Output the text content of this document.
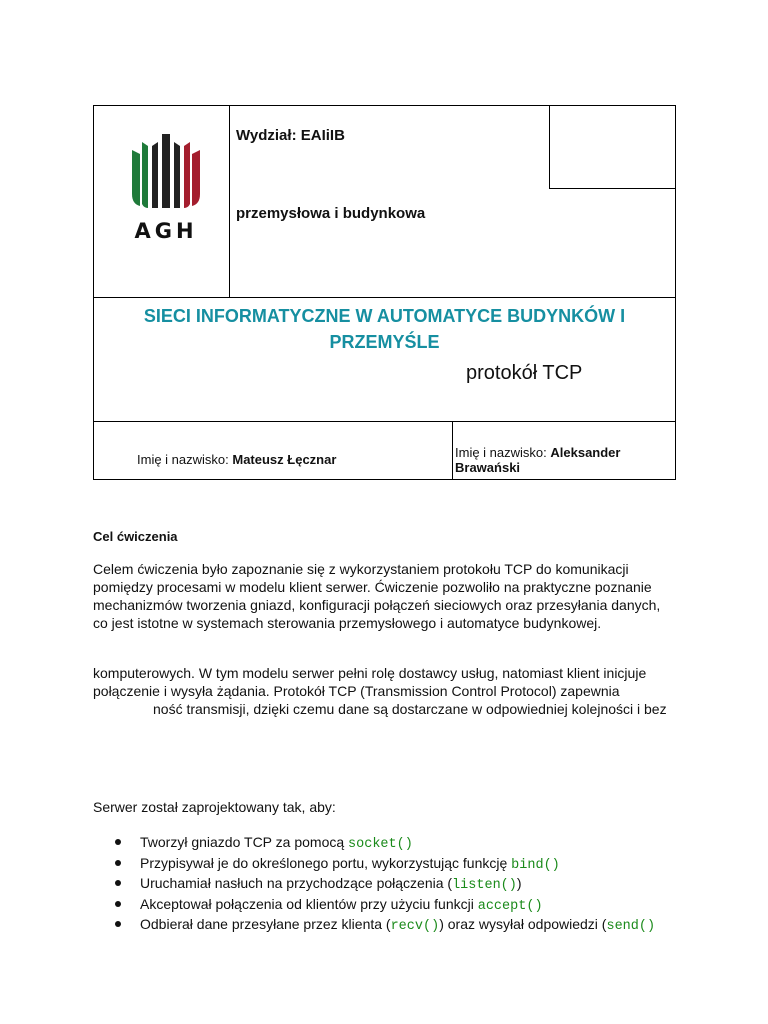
AGH	Wydział: EAIiIB
przemysłowa i budynkowa	

SIECI INFORMATYCZNE W AUTOMATYCE BUDYNKÓW I
PRZEMYŚLE
protokół TCP		

Imię i nazwisko: Mateusz Łęcznar		Imię i nazwisko: Aleksander Brawański
Cel ćwiczenia
Celem ćwiczenia było zapoznanie się z wykorzystaniem protokołu TCP do komunikacji
pomiędzy procesami w modelu klient serwer. Ćwiczenie pozwoliło na praktyczne poznanie
mechanizmów tworzenia gniazd, konfiguracji połączeń sieciowych oraz przesyłania danych,
co jest istotne w systemach sterowania przemysłowego i automatyce budynkowej.
komputerowych. W tym modelu serwer pełni rolę dostawcy usług, natomiast klient inicjuje
połączenie i wysyła żądania. Protokół TCP (Transmission Control Protocol) zapewnia
ność transmisji, dzięki czemu dane są dostarczane w odpowiedniej kolejności i bez
Serwer został zaprojektowany tak, aby:
Tworzył gniazdo TCP za pomocą socket()
Przypisywał je do określonego portu, wykorzystując funkcję bind()
Uruchamiał nasłuch na przychodzące połączenia (listen())
Akceptował połączenia od klientów przy użyciu funkcji accept()
Odbierał dane przesyłane przez klienta (recv()) oraz wysyłał odpowiedzi (send()
